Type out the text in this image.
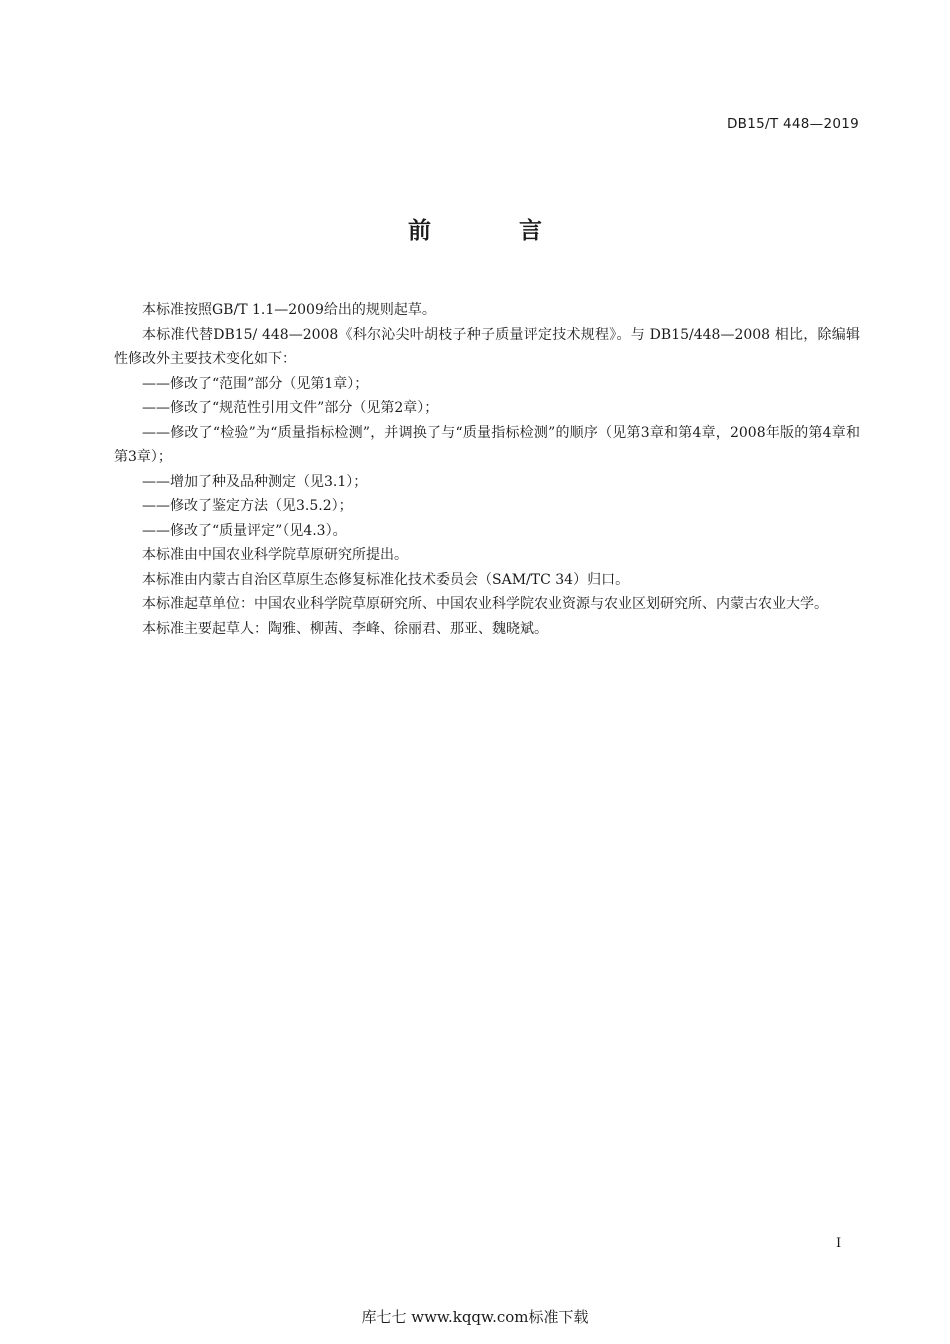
DB15/T 448—2019
前 言

本标准按照GB/T 1.1—2009给出的规则起草。

本标准代替DB15/ 448—2008《科尔沁尖叶胡枝子种子质量评定技术规程》。与 DB15/448—2008 相比，除编辑性修改外主要技术变化如下：

——修改了“范围”部分（见第1章）；

——修改了“规范性引用文件”部分（见第2章）；

——修改了“检验”为“质量指标检测”，并调换了与“质量指标检测”的顺序（见第3章和第4章，2008年版的第4章和第3章）；

——增加了种及品种测定（见3.1）；

——修改了鉴定方法（见3.5.2）；

——修改了“质量评定”（见4.3）。

本标准由中国农业科学院草原研究所提出。

本标准由内蒙古自治区草原生态修复标准化技术委员会（SAM/TC 34）归口。

本标准起草单位：中国农业科学院草原研究所、中国农业科学院农业资源与农业区划研究所、内蒙古农业大学。

本标准主要起草人：陶雅、柳茜、李峰、徐丽君、那亚、魏晓斌。

I
库七七 www.kqqw.com标准下载
